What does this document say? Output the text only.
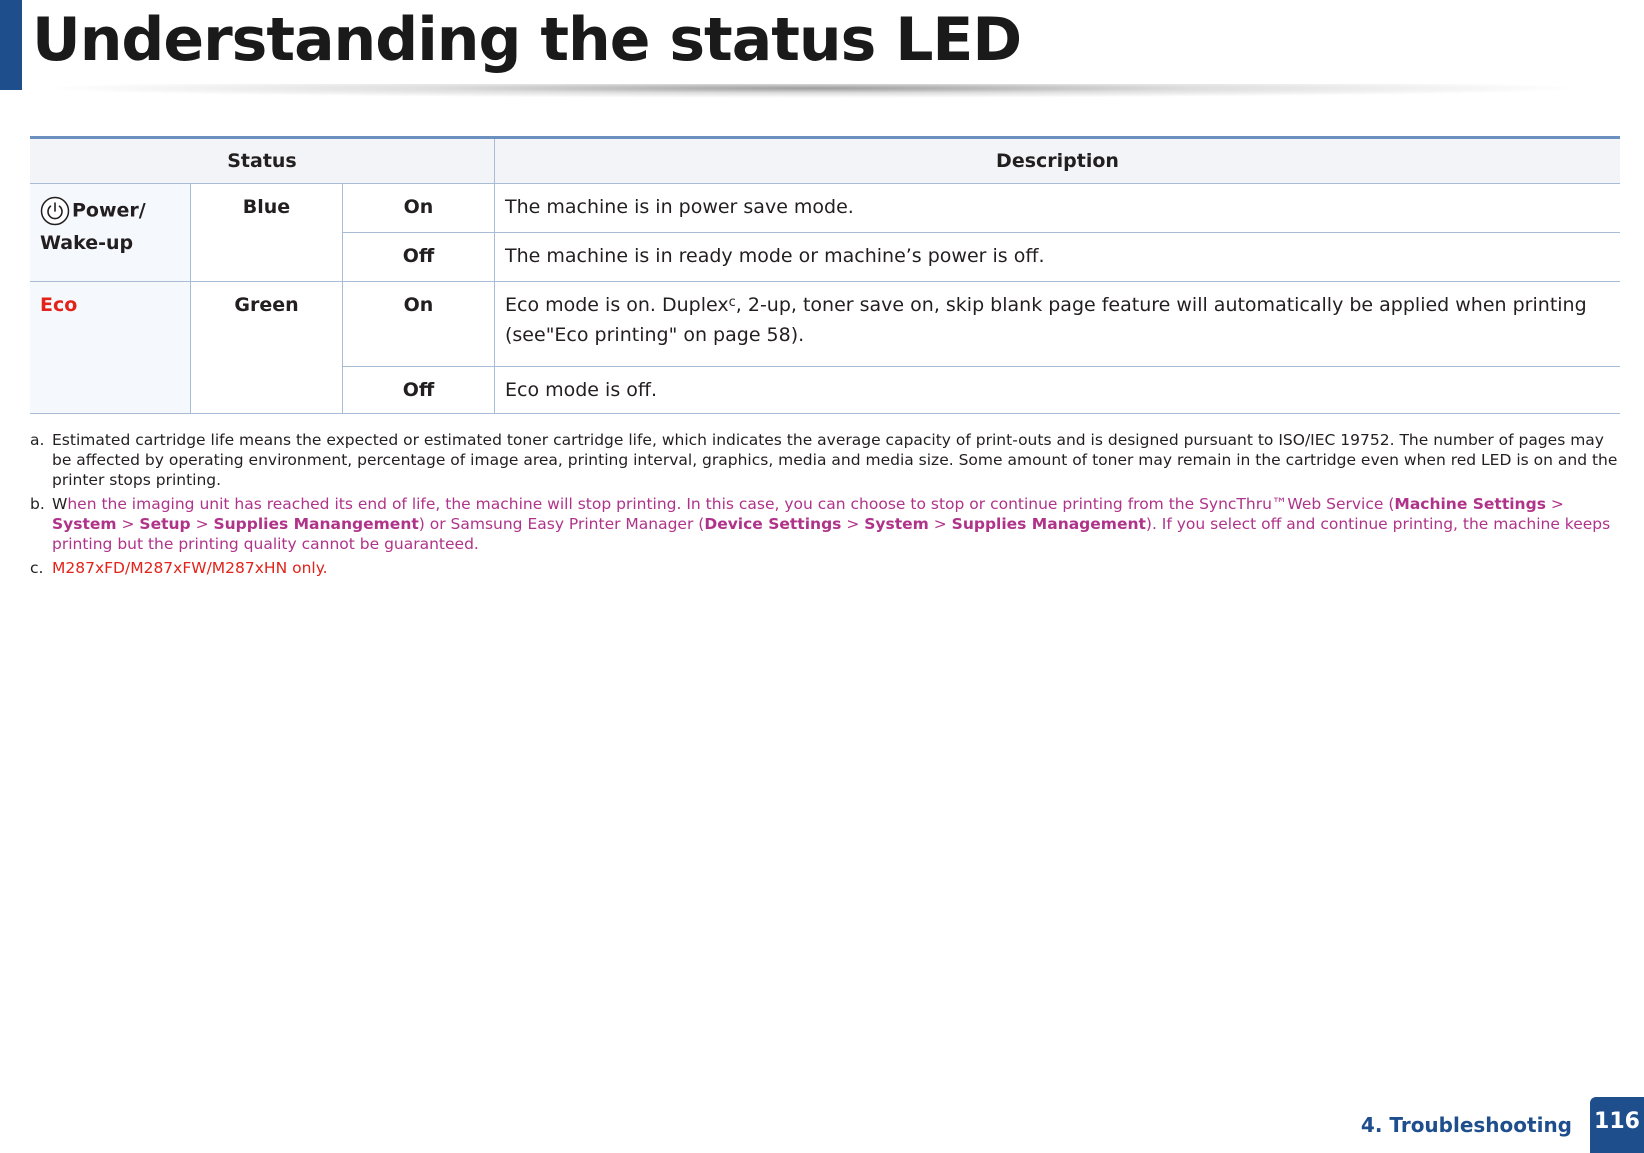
Understanding the status LED
Status			Description
Power/
Wake-up	Blue	On	The machine is in power save mode.
		Off	The machine is in ready mode or machine’s power is off.
Eco	Green	On	Eco mode is on. Duplex$^c$, 2-up, toner save on, skip blank page feature will automatically be applied when printing (see"Eco printing" on page 58).
		Off	Eco mode is off.
a. Estimated cartridge life means the expected or estimated toner cartridge life, which indicates the average capacity of print-outs and is designed pursuant to ISO/IEC 19752. The number of pages may be affected by operating environment, percentage of image area, printing interval, graphics, media and media size. Some amount of toner may remain in the cartridge even when red LED is on and the printer stops printing.
b. When the imaging unit has reached its end of life, the machine will stop printing. In this case, you can choose to stop or continue printing from the SyncThru™Web Service (Machine Settings > System > Setup > Supplies Manangement) or Samsung Easy Printer Manager (Device Settings > System > Supplies Management). If you select off and continue printing, the machine keeps printing but the printing quality cannot be guaranteed.
c. M287xFD/M287xFW/M287xHN only.
4. Troubleshooting 116
